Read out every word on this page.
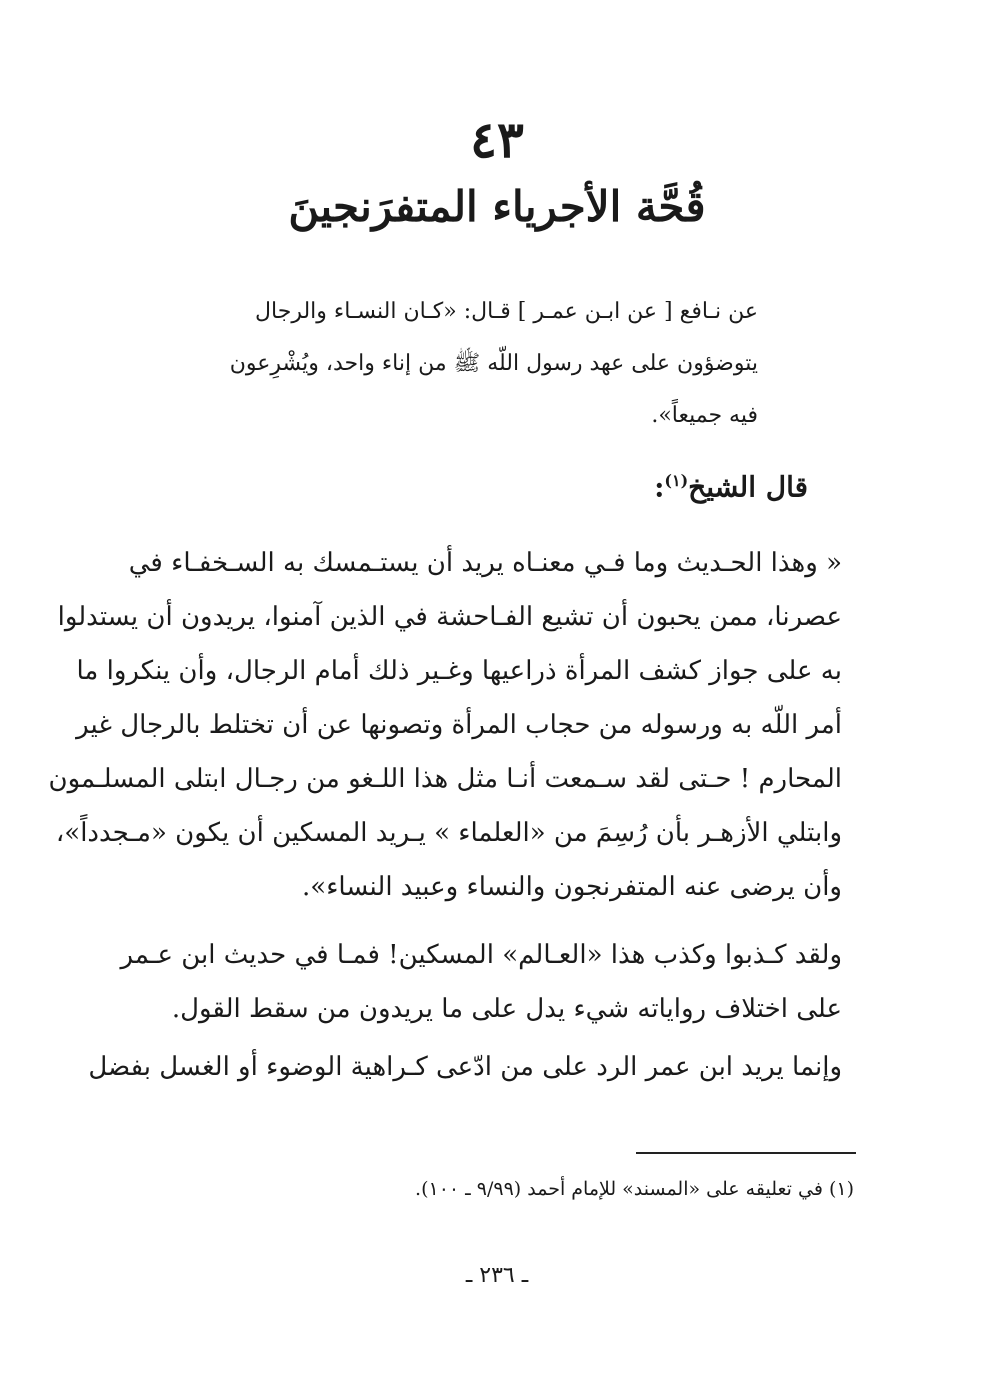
٤٣
قُحَّة الأجرياء المتفرَنجينَ
عن نـافع [ عن ابـن عمـر ] قـال: «كـان النسـاء والرجال
يتوضؤون على عهد رسول اللّه ﷺ من إناء واحد، ويُشْرِعون
فيه جميعاً».
قال الشيخ$^{(١)}$:
« وهذا الحـديث وما فـي معنـاه يريد أن يستـمسك به السـخفـاء في
عصرنا، ممن يحبون أن تشيع الفـاحشة في الذين آمنوا، يريدون أن يستدلوا
به على جواز كشف المرأة ذراعيها وغـير ذلك أمام الرجال، وأن ينكروا ما
أمر اللّه به ورسوله من حجاب المرأة وتصونها عن أن تختلط بالرجال غير
المحارم ! حـتى لقد سـمعت أنـا مثل هذا اللـغو من رجـال ابتلى المسلـمون
وابتلي الأزهـر بأن رُسِمَ من «العلماء » يـريد المسكين أن يكون «مـجدداً»،
وأن يرضى عنه المتفرنجون والنساء وعبيد النساء».
ولقد كـذبوا وكذب هذا «العـالم» المسكين! فمـا في حديث ابن عـمر
على اختلاف رواياته شيء يدل على ما يريدون من سقط القول.
وإنما يريد ابن عمر الرد على من ادّعى كـراهية الوضوء أو الغسل بفضل

(١) في تعليقه على «المسند» للإمام أحمد (٩/٩٩ ـ ١٠٠).

ـ ٢٣٦ ـ
